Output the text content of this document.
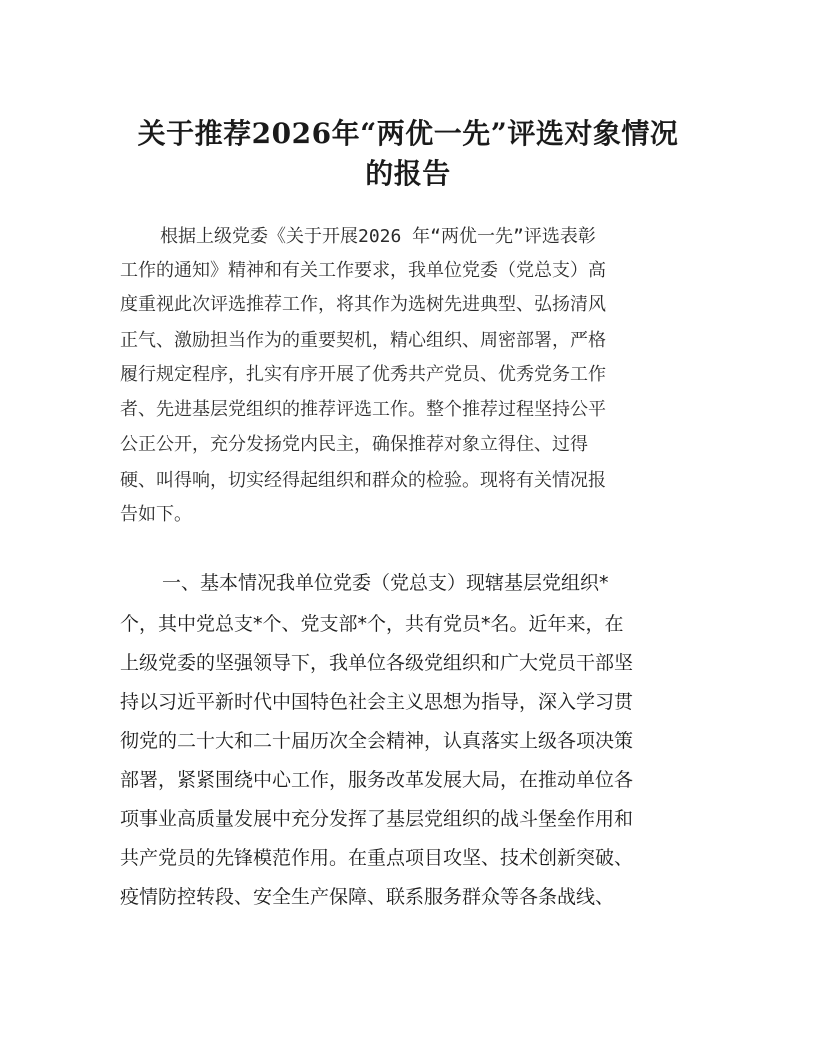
关于推荐2026年“两优一先”评选对象情况
的报告
根据上级党委《关于开展2026 年“两优一先”评选表彰
工作的通知》精神和有关工作要求，我单位党委（党总支）高
度重视此次评选推荐工作，将其作为选树先进典型、弘扬清风
正气、激励担当作为的重要契机，精心组织、周密部署，严格
履行规定程序，扎实有序开展了优秀共产党员、优秀党务工作
者、先进基层党组织的推荐评选工作。整个推荐过程坚持公平
公正公开，充分发扬党内民主，确保推荐对象立得住、过得
硬、叫得响，切实经得起组织和群众的检验。现将有关情况报
告如下。
一、基本情况我单位党委（党总支）现辖基层党组织*
个，其中党总支*个、党支部*个，共有党员*名。近年来，在
上级党委的坚强领导下，我单位各级党组织和广大党员干部坚
持以习近平新时代中国特色社会主义思想为指导，深入学习贯
彻党的二十大和二十届历次全会精神，认真落实上级各项决策
部署，紧紧围绕中心工作，服务改革发展大局，在推动单位各
项事业高质量发展中充分发挥了基层党组织的战斗堡垒作用和
共产党员的先锋模范作用。在重点项目攻坚、技术创新突破、
疫情防控转段、安全生产保障、联系服务群众等各条战线、
